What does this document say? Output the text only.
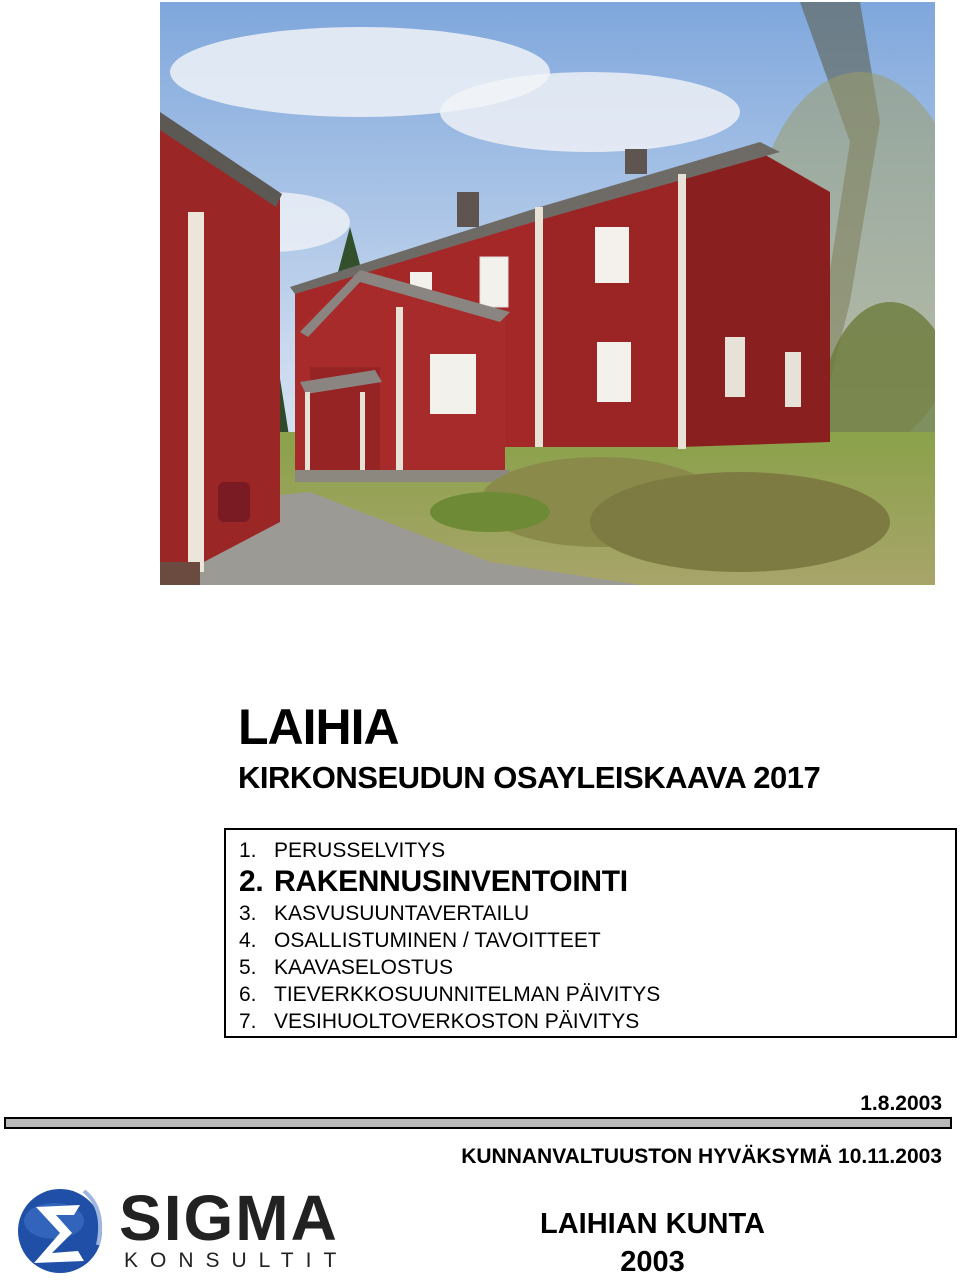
LAIHIA
KIRKONSEUDUN OSAYLEISKAAVA 2017
1. PERUSSELVITYS
2. RAKENNUSINVENTOINTI
3. KASVUSUUNTAVERTAILU
4. OSALLISTUMINEN / TAVOITTEET
5. KAAVASELOSTUS
6. TIEVERKKOSUUNNITELMAN PÄIVITYS
7. VESIHUOLTOVERKOSTON PÄIVITYS
1.8.2003
KUNNANVALTUUSTON HYVÄKSYMÄ 10.11.2003
SIGMA
KONSULTIT
LAIHIAN KUNTA
2003
